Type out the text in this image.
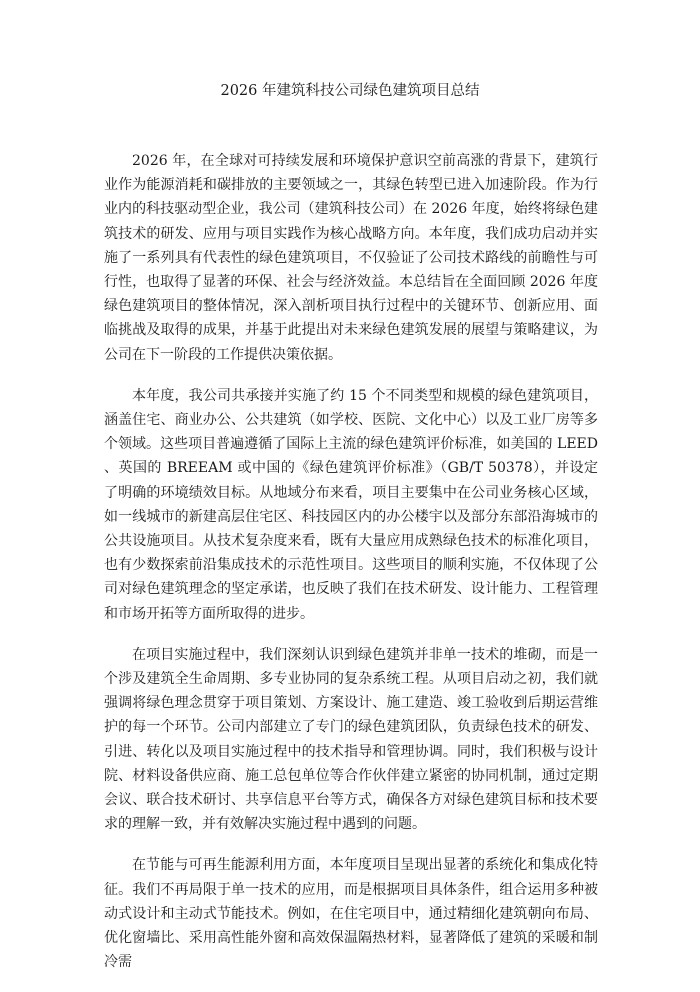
2026 年建筑科技公司绿色建筑项目总结

2026 年，在全球对可持续发展和环境保护意识空前高涨的背景下，建筑行业作为能源消耗和碳排放的主要领域之一，其绿色转型已进入加速阶段。作为行业内的科技驱动型企业，我公司（建筑科技公司）在 2026 年度，始终将绿色建筑技术的研发、应用与项目实践作为核心战略方向。本年度，我们成功启动并实施了一系列具有代表性的绿色建筑项目，不仅验证了公司技术路线的前瞻性与可行性，也取得了显著的环保、社会与经济效益。本总结旨在全面回顾 2026 年度绿色建筑项目的整体情况，深入剖析项目执行过程中的关键环节、创新应用、面临挑战及取得的成果，并基于此提出对未来绿色建筑发展的展望与策略建议，为公司在下一阶段的工作提供决策依据。

本年度，我公司共承接并实施了约 15 个不同类型和规模的绿色建筑项目，涵盖住宅、商业办公、公共建筑（如学校、医院、文化中心）以及工业厂房等多个领域。这些项目普遍遵循了国际上主流的绿色建筑评价标准，如美国的 LEED、英国的 BREEAM 或中国的《绿色建筑评价标准》（GB/T 50378），并设定了明确的环境绩效目标。从地域分布来看，项目主要集中在公司业务核心区域，如一线城市的新建高层住宅区、科技园区内的办公楼宇以及部分东部沿海城市的公共设施项目。从技术复杂度来看，既有大量应用成熟绿色技术的标准化项目，也有少数探索前沿集成技术的示范性项目。这些项目的顺利实施，不仅体现了公司对绿色建筑理念的坚定承诺，也反映了我们在技术研发、设计能力、工程管理和市场开拓等方面所取得的进步。

在项目实施过程中，我们深刻认识到绿色建筑并非单一技术的堆砌，而是一个涉及建筑全生命周期、多专业协同的复杂系统工程。从项目启动之初，我们就强调将绿色理念贯穿于项目策划、方案设计、施工建造、竣工验收到后期运营维护的每一个环节。公司内部建立了专门的绿色建筑团队，负责绿色技术的研发、引进、转化以及项目实施过程中的技术指导和管理协调。同时，我们积极与设计院、材料设备供应商、施工总包单位等合作伙伴建立紧密的协同机制，通过定期会议、联合技术研讨、共享信息平台等方式，确保各方对绿色建筑目标和技术要求的理解一致，并有效解决实施过程中遇到的问题。

在节能与可再生能源利用方面，本年度项目呈现出显著的系统化和集成化特征。我们不再局限于单一技术的应用，而是根据项目具体条件，组合运用多种被动式设计和主动式节能技术。例如，在住宅项目中，通过精细化建筑朝向布局、优化窗墙比、采用高性能外窗和高效保温隔热材料，显著降低了建筑的采暖和制冷需
